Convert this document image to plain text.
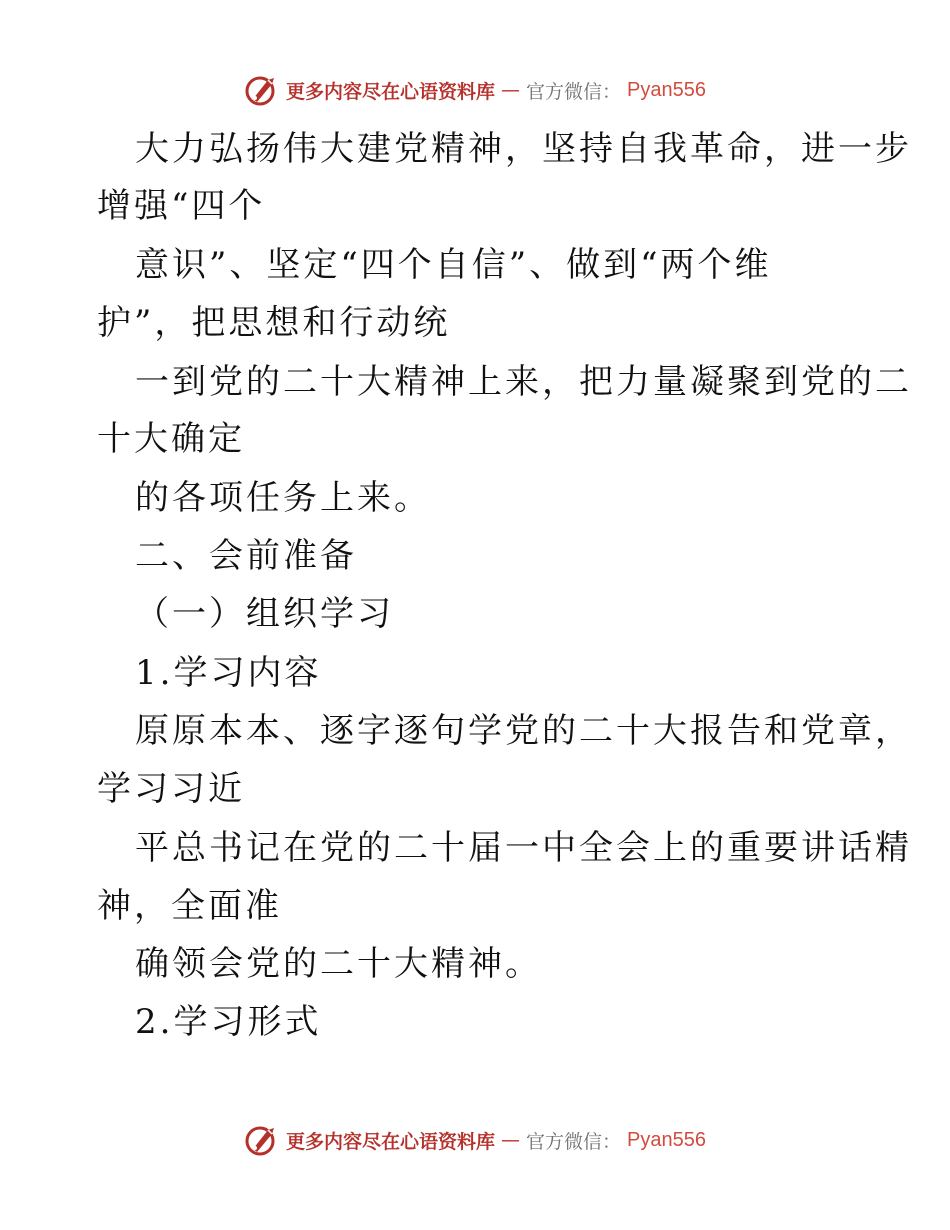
更多内容尽在心语资料库 — 官方微信： Pyan556
大力弘扬伟大建党精神，坚持自我革命，进一步
增强“四个
意识”、坚定“四个自信”、做到“两个维
护”，把思想和行动统
一到党的二十大精神上来，把力量凝聚到党的二
十大确定
的各项任务上来。
二、会前准备
（一）组织学习
1.学习内容
原原本本、逐字逐句学党的二十大报告和党章，
学习习近
平总书记在党的二十届一中全会上的重要讲话精
神，全面准
确领会党的二十大精神。
2.学习形式
更多内容尽在心语资料库 — 官方微信： Pyan556
